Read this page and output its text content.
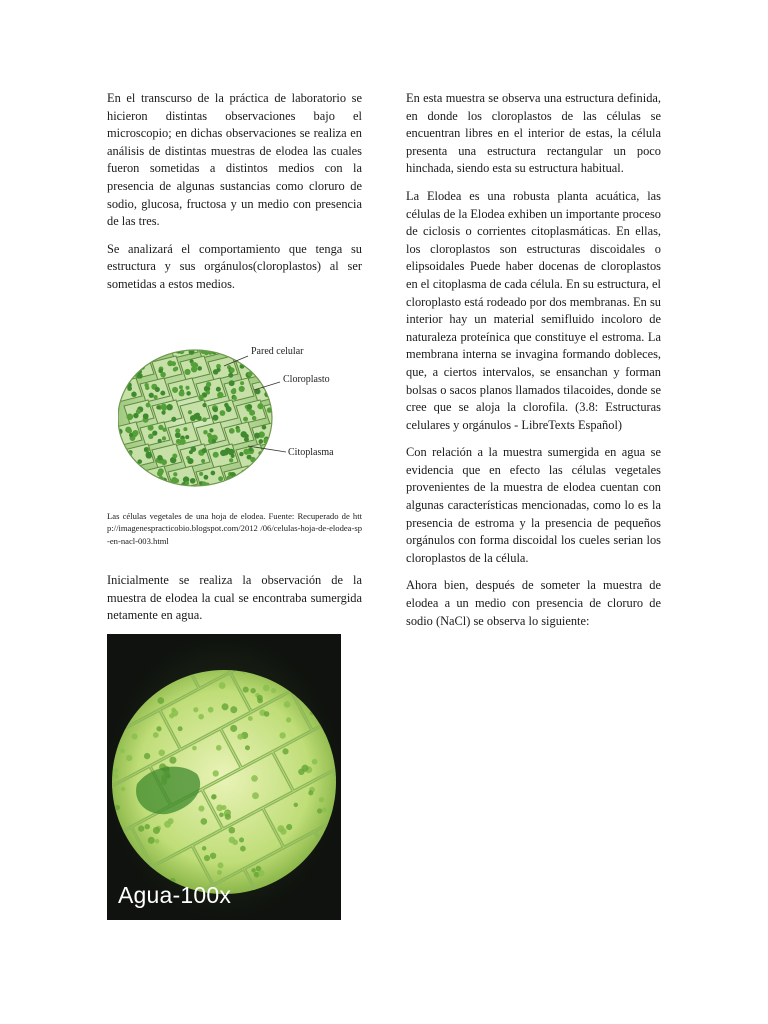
En el transcurso de la práctica de laboratorio se hicieron distintas observaciones bajo el microscopio; en dichas observaciones se realiza en análisis de distintas muestras de elodea las cuales fueron sometidas a distintos medios con la presencia de algunas sustancias como cloruro de sodio, glucosa, fructosa y un medio con presencia de las tres.

Se analizará el comportamiento que tenga su estructura y sus orgánulos(cloroplastos) al ser sometidas a estos medios.

Pared celular
Cloroplasto
Citoplasma

Las células vegetales de una hoja de elodea. Fuente: Recuperado de http://imagenespracticobio.blogspot.com/2012 /06/celulas-hoja-de-elodea-sp-en-nacl-003.html

Inicialmente se realiza la observación de la muestra de elodea la cual se encontraba sumergida netamente en agua.

Agua-100x

En esta muestra se observa una estructura definida, en donde los cloroplastos de las células se encuentran libres en el interior de estas, la célula presenta una estructura rectangular un poco hinchada, siendo esta su estructura habitual.

La Elodea es una robusta planta acuática, las células de la Elodea exhiben un importante proceso de ciclosis o corrientes citoplasmáticas. En ellas, los cloroplastos son estructuras discoidales o elipsoidales Puede haber docenas de cloroplastos en el citoplasma de cada célula. En su estructura, el cloroplasto está rodeado por dos membranas. En su interior hay un material semifluido incoloro de naturaleza proteínica que constituye el estroma. La membrana interna se invagina formando dobleces, que, a ciertos intervalos, se ensanchan y forman bolsas o sacos planos llamados tilacoides, donde se cree que se aloja la clorofila. (3.8: Estructuras celulares y orgánulos - LibreTexts Español)

Con relación a la muestra sumergida en agua se evidencia que en efecto las células vegetales provenientes de la muestra de elodea cuentan con algunas características mencionadas, como lo es la presencia de estroma y la presencia de pequeños orgánulos con forma discoidal los cueles serian los cloroplastos de la célula.

Ahora bien, después de someter la muestra de elodea a un medio con presencia de cloruro de sodio (NaCl) se observa lo siguiente:
